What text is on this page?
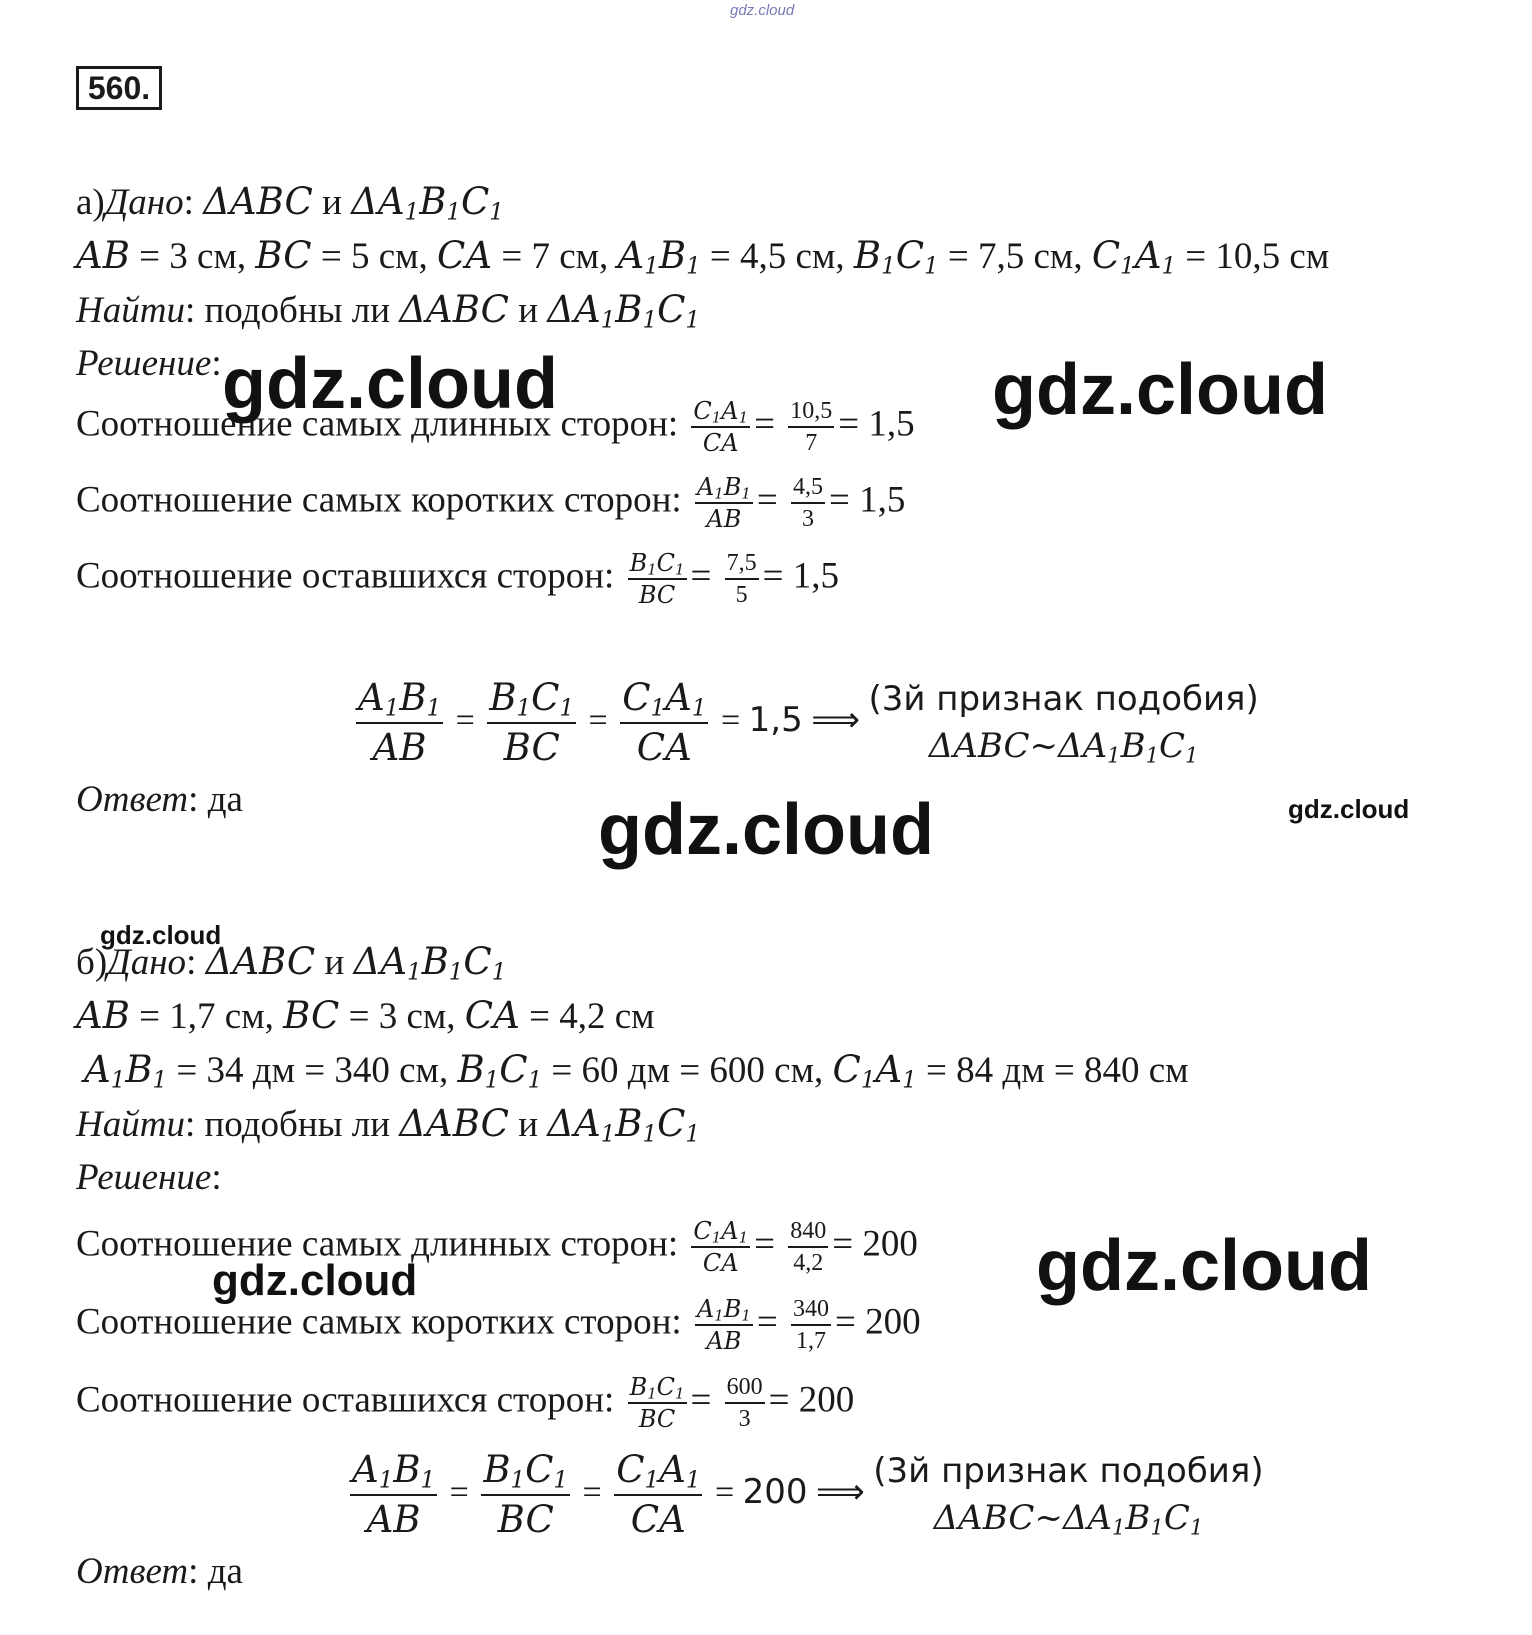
gdz.cloud
560.
а)Дано: ΔABC и $\Delta A_1B_1C_1$
AB = 3 см, BC = 5 см, CA = 7 см, $A_1B_1 = 4,5$ см, $B_1C_1 = 7,5$ см, $C_1A_1 = 10,5$ см
Найти: подобны ли ΔABC и $\Delta A_1B_1C_1$
Решение:
Соотношение самых длинных сторон: $\frac{C_1A_1}{CA} = \frac{10,5}{7} = 1,5$
Соотношение самых коротких сторон: $\frac{A_1B_1}{AB} = \frac{4,5}{3} = 1,5$
Соотношение оставшихся сторон: $\frac{B_1C_1}{BC} = \frac{7,5}{5} = 1,5$
$\frac{A_1B_1}{AB} = \frac{B_1C_1}{BC} = \frac{C_1A_1}{CA} = 1,5$ ⟹ (3й признак подобия)
$\Delta ABC\sim\Delta A_1B_1C_1$
Ответ: да
б)Дано: ΔABC и $\Delta A_1B_1C_1$
AB = 1,7 см, BC = 3 см, CA = 4,2 см
$A_1B_1 = 34$ дм = 340 см, $B_1C_1 = 60$ дм = 600 см, $C_1A_1 = 84$ дм = 840 см
Найти: подобны ли ΔABC и $\Delta A_1B_1C_1$
Решение:
Соотношение самых длинных сторон: $\frac{C_1A_1}{CA} = \frac{840}{4,2} = 200$
Соотношение самых коротких сторон: $\frac{A_1B_1}{AB} = \frac{340}{1,7} = 200$
Соотношение оставшихся сторон: $\frac{B_1C_1}{BC} = \frac{600}{3} = 200$
$\frac{A_1B_1}{AB} = \frac{B_1C_1}{BC} = \frac{C_1A_1}{CA} = 200$ ⟹ (3й признак подобия)
$\Delta ABC\sim\Delta A_1B_1C_1$
Ответ: да
gdz.cloud	gdz.cloud
gdz.cloud	gdz.cloud
gdz.cloud
gdz.cloud	gdz.cloud
